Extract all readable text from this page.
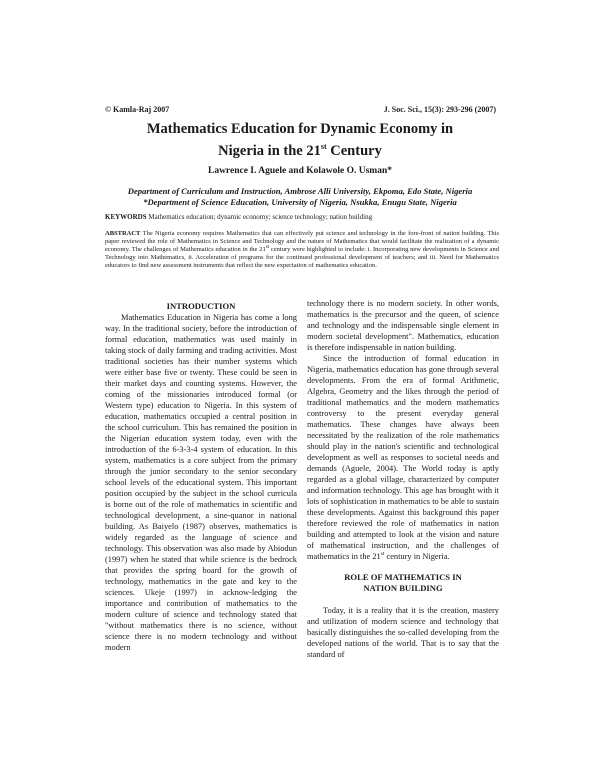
© Kamla-Raj 2007	J. Soc. Sci., 15(3): 293-296 (2007)
Mathematics Education for Dynamic Economy in
Nigeria in the 21st Century
Lawrence I. Aguele and Kolawole O. Usman*
Department of Curriculum and Instruction, Ambrose Alli University, Ekpoma, Edo State, Nigeria
*Department of Science Education, University of Nigeria, Nsukka, Enugu State, Nigeria
KEYWORDS Mathematics education; dynamic economy; science technology; nation building
ABSTRACT The Nigeria economy requires Mathematics that can effectively put science and technology in the fore-front of nation building. This paper reviewed the role of Mathematics in Science and Technology and the nature of Mathematics that would facilitate the realization of a dynamic economy. The challenges of Mathematics education in the 21st century were highlighted to include: i. Incorporating new developments in Science and Technology into Mathematics, ii. Acceleration of programs for the continued professional development of teachers; and iii. Need for Mathematics educators to find new assessment instruments that reflect the new expectation of mathematics education.

INTRODUCTION

Mathematics Education in Nigeria has come a long way. In the traditional society, before the introduction of formal education, mathematics was used mainly in taking stock of daily farming and trading activities. Most traditional societies has their number systems which were either base five or twenty. These could be seen in their market days and counting systems. However, the coming of the missionaries introduced formal (or Western type) education to Nigeria. In this system of education, mathematics occupied a central position in the school curriculum. This has remained the position in the Nigerian education system today, even with the introduction of the 6-3-3-4 system of education. In this system, mathematics is a core subject from the primary through the junior secondary to the senior secondary school levels of the educational system. This important position occupied by the subject in the school curricula is borne out of the role of mathematics in scientific and technological development, a sine-quanor in national building. As Baiyelo (1987) observes, mathematics is widely regarded as the language of science and technology. This observation was also made by Abiodun (1997) when he stated that while science is the bedrock that provides the spring board for the growth of technology, mathematics in the gate and key to the sciences. Ukeje (1997) in acknow-ledging the importance and contribution of mathematics to the modern culture of science and technology stated that "without mathematics there is no science, without science there is no modern technology and without modern

technology there is no modern society. In other words, mathematics is the precursor and the queen, of science and technology and the indispensable single element in modern societal development". Mathematics, education is therefore indispensable in nation building.

Since the introduction of formal education in Nigeria, mathematics education has gone through several developments. From the era of formal Arithmetic, Algebra, Geometry and the likes through the period of traditional mathematics and the modern mathematics controversy to the present everyday general mathematics. These changes have always been necessitated by the realization of the role mathematics should play in the nation's scientific and technological development as well as responses to societal needs and demands (Aguele, 2004). The World today is aptly regarded as a global village, characterized by computer and information technology. This age has brought with it lots of sophistication in mathematics to be able to sustain these developments. Against this background this paper therefore reviewed the role of mathematics in nation building and attempted to look at the vision and nature of mathematical instruction, and the challenges of mathematics in the 21st century in Nigeria.

ROLE OF MATHEMATICS IN
NATION BUILDING

Today, it is a reality that it is the creation, mastery and utilization of modern science and technology that basically distinguishes the so-called developing from the developed nations of the world. That is to say that the standard of
